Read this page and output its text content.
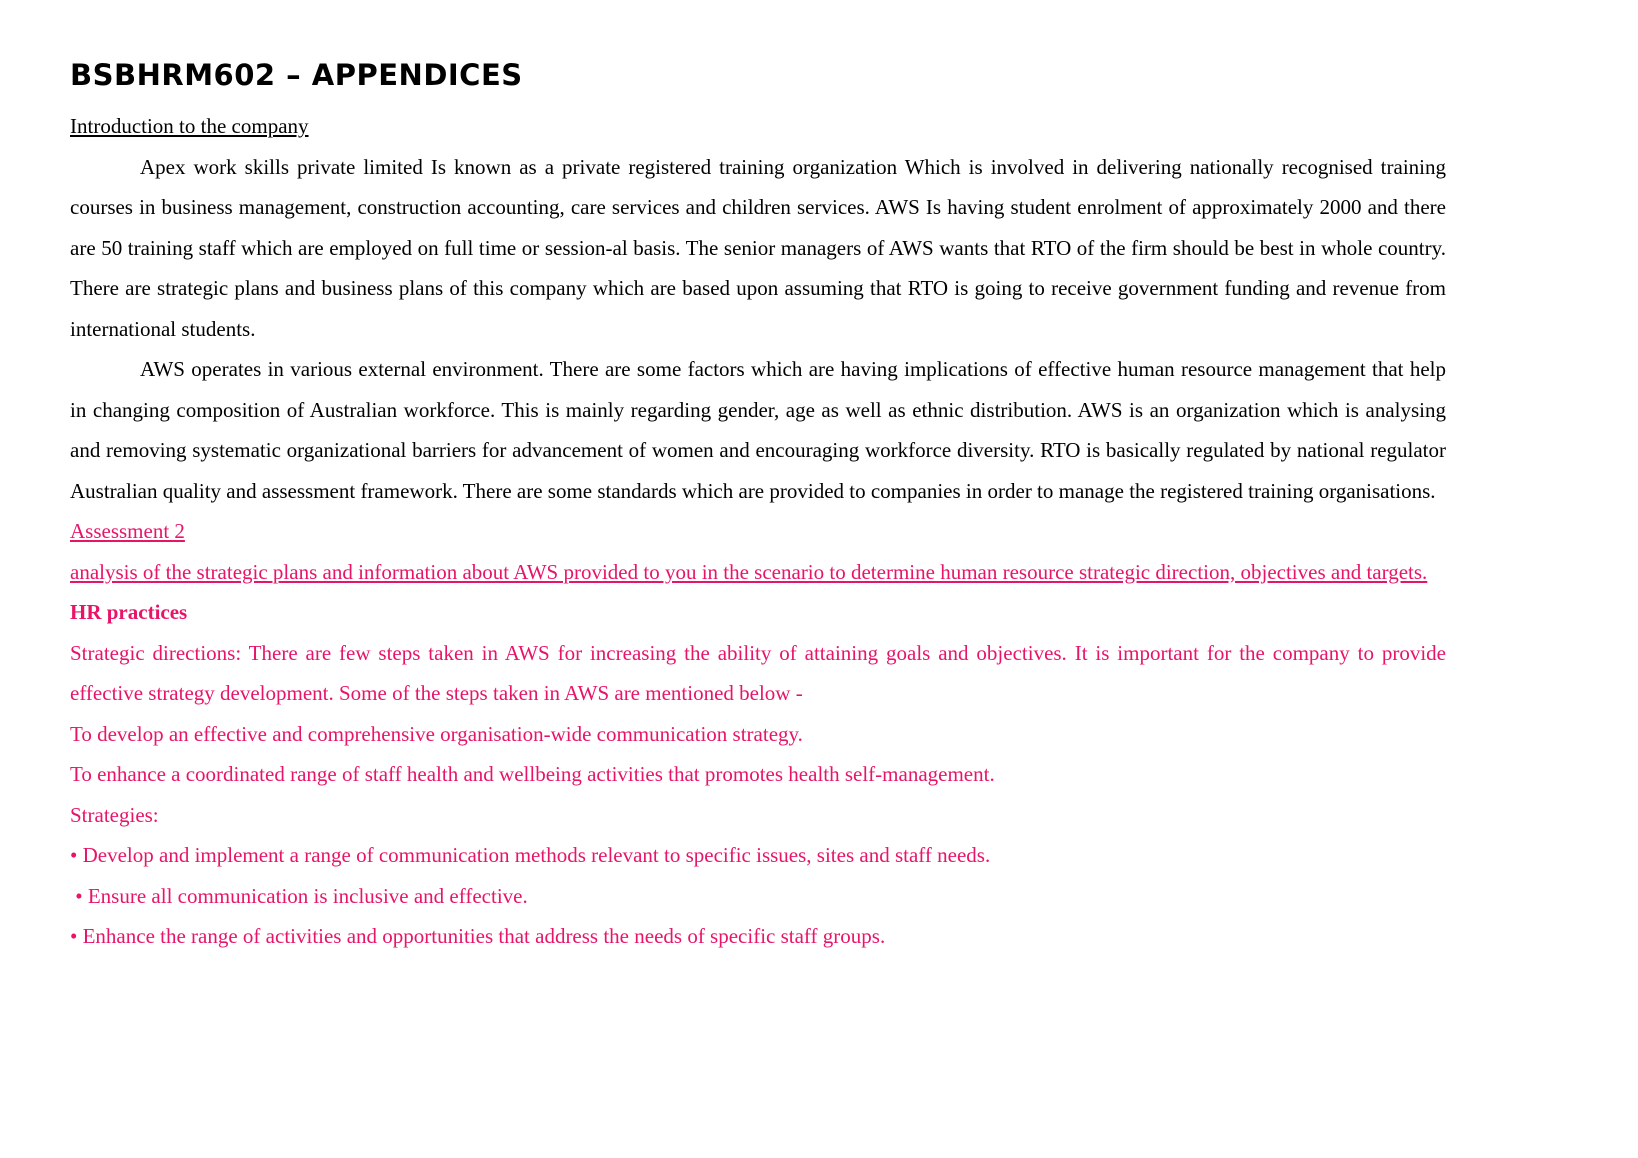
BSBHRM602 – APPENDICES

Introduction to the company

Apex work skills private limited Is known as a private registered training organization Which is involved in delivering nationally recognised training courses in business management, construction accounting, care services and children services. AWS Is having student enrolment of approximately 2000 and there are 50 training staff which are employed on full time or session-al basis. The senior managers of AWS wants that RTO of the firm should be best in whole country. There are strategic plans and business plans of this company which are based upon assuming that RTO is going to receive government funding and revenue from international students.

AWS operates in various external environment. There are some factors which are having implications of effective human resource management that help in changing composition of Australian workforce. This is mainly regarding gender, age as well as ethnic distribution. AWS is an organization which is analysing and removing systematic organizational barriers for advancement of women and encouraging workforce diversity. RTO is basically regulated by national regulator Australian quality and assessment framework. There are some standards which are provided to companies in order to manage the registered training organisations.

Assessment 2

analysis of the strategic plans and information about AWS provided to you in the scenario to determine human resource strategic direction, objectives and targets.

HR practices

Strategic directions: There are few steps taken in AWS for increasing the ability of attaining goals and objectives. It is important for the company to provide effective strategy development. Some of the steps taken in AWS are mentioned below -

To develop an effective and comprehensive organisation-wide communication strategy.

To enhance a coordinated range of staff health and wellbeing activities that promotes health self-management.

Strategies:

• Develop and implement a range of communication methods relevant to specific issues, sites and staff needs.

• Ensure all communication is inclusive and effective.

• Enhance the range of activities and opportunities that address the needs of specific staff groups.
